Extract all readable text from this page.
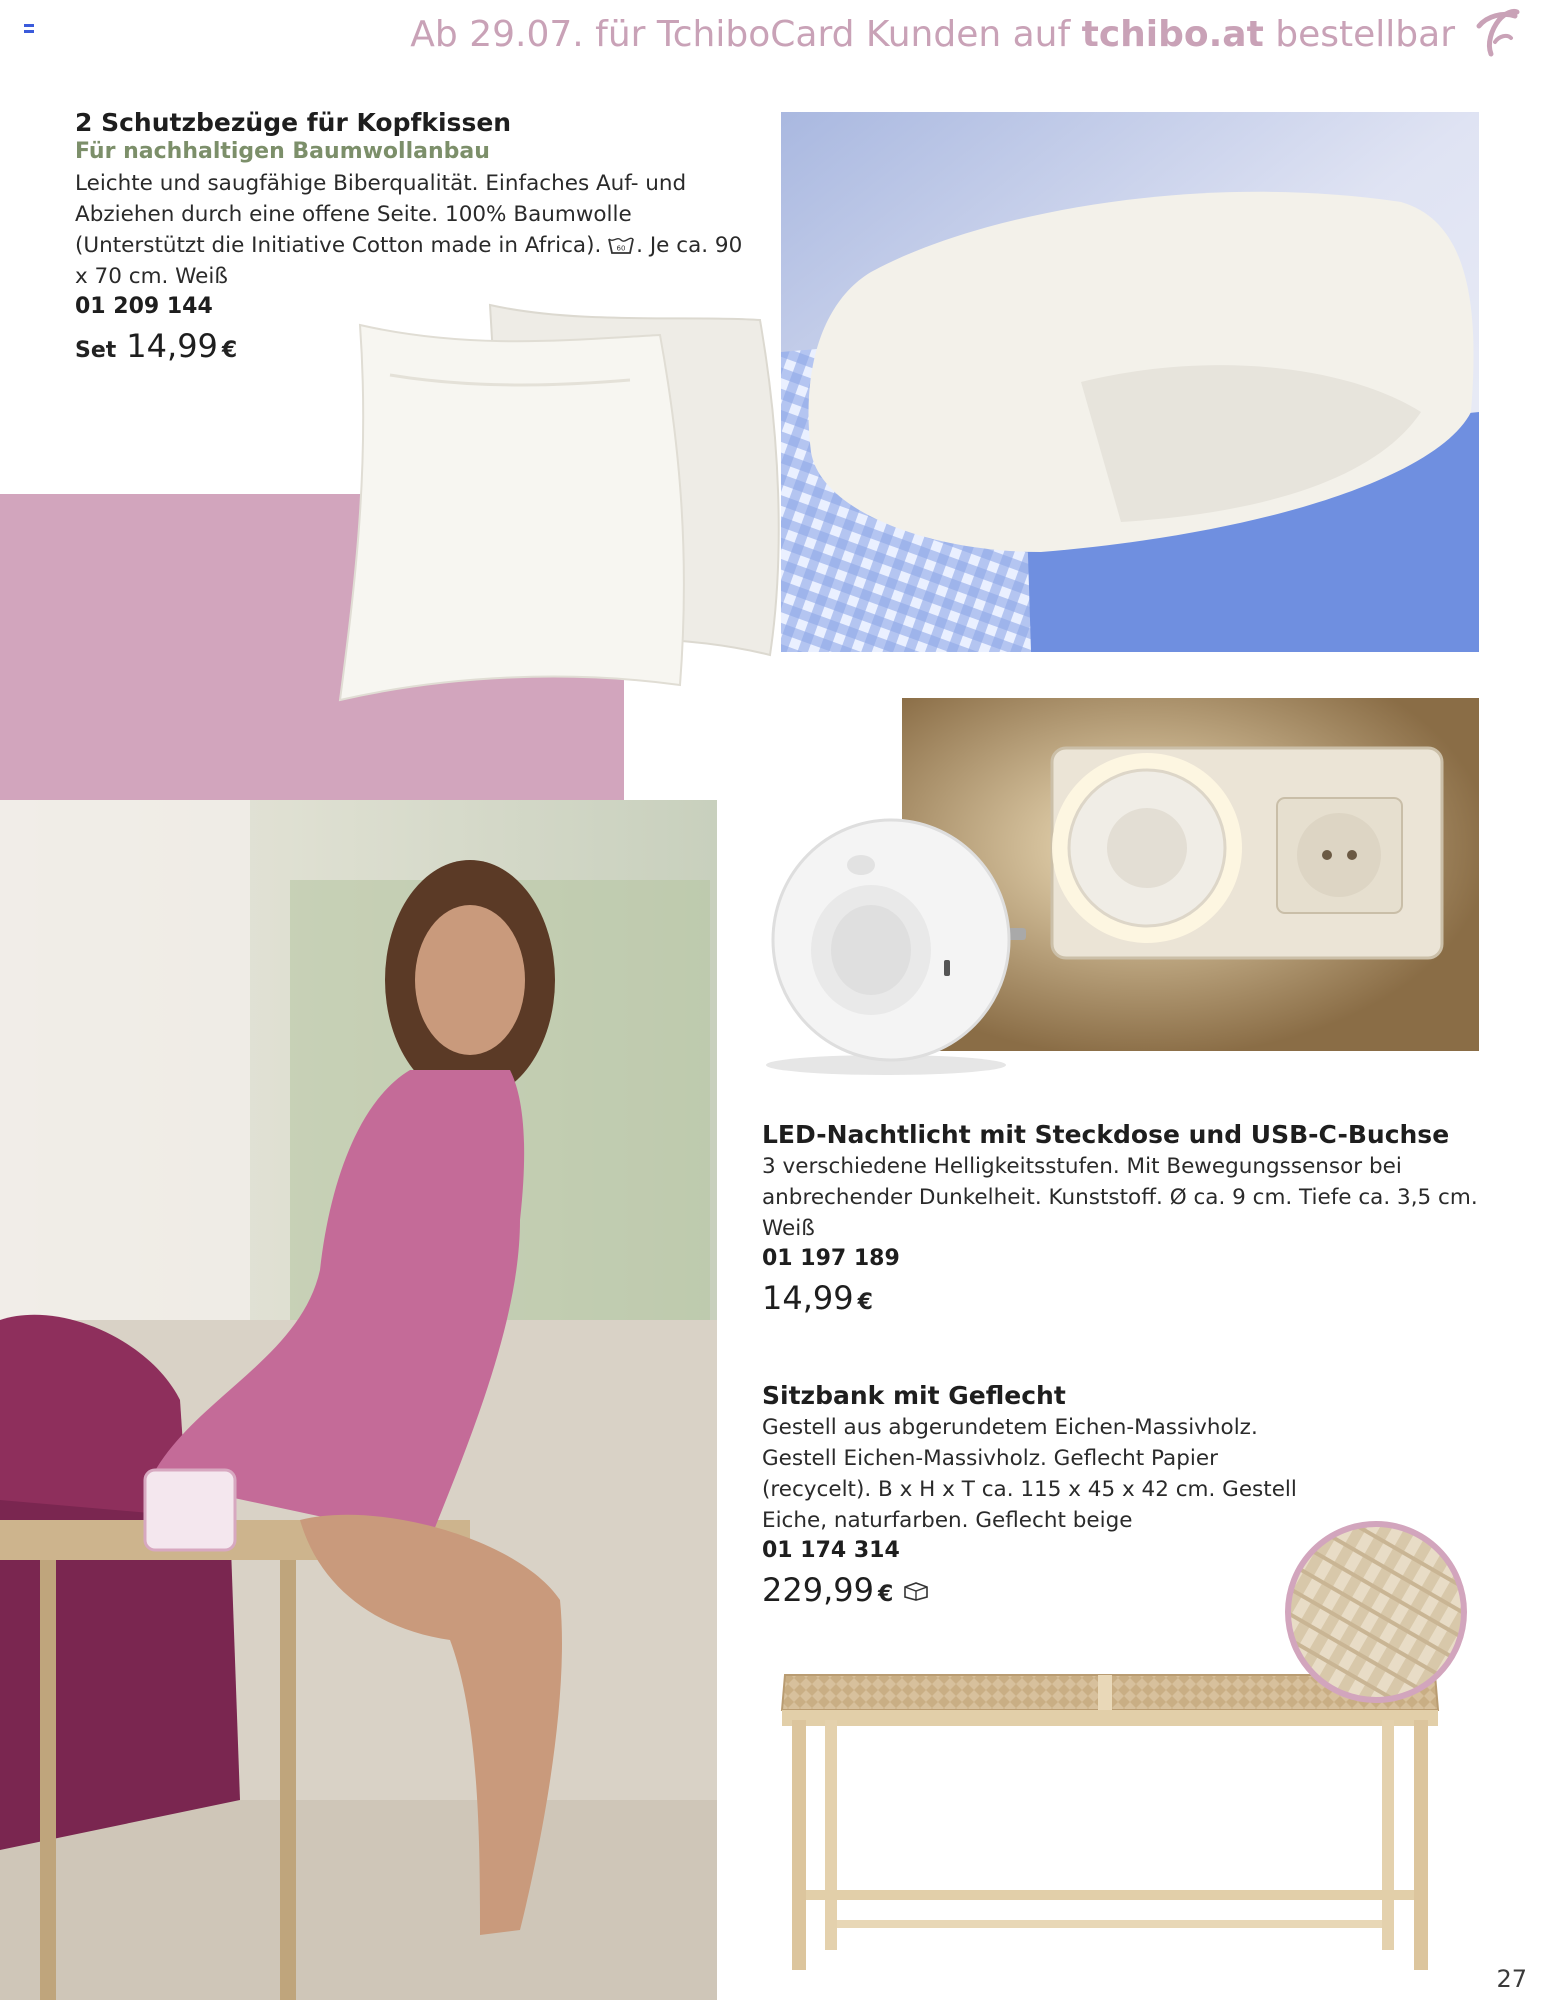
Ab 29.07. für TchiboCard Kunden auf tchibo.at bestellbar
2 Schutzbezüge für Kopfkissen
Für nachhaltigen Baumwollanbau
Leichte und saugfähige Biberqualität. Einfaches Auf- und Abziehen durch eine offene Seite. 100% Baumwolle (Unterstützt die Initiative Cotton made in Africa). 60 . Je ca. 90 x 70 cm. Weiß
01 209 144
Set 14,99 €
LED-Nachtlicht mit Steckdose und USB-C-Buchse
3 verschiedene Helligkeitsstufen. Mit Bewegungssensor bei anbrechender Dunkelheit. Kunststoff. Ø ca. 9 cm. Tiefe ca. 3,5 cm. Weiß
01 197 189
14,99 €
Sitzbank mit Geflecht
Gestell aus abgerundetem Eichen-Massivholz. Gestell Eichen-Massivholz. Geflecht Papier (recycelt). B x H x T ca. 115 x 45 x 42 cm. Gestell Eiche, naturfarben. Geflecht beige
01 174 314
229,99 €
27
